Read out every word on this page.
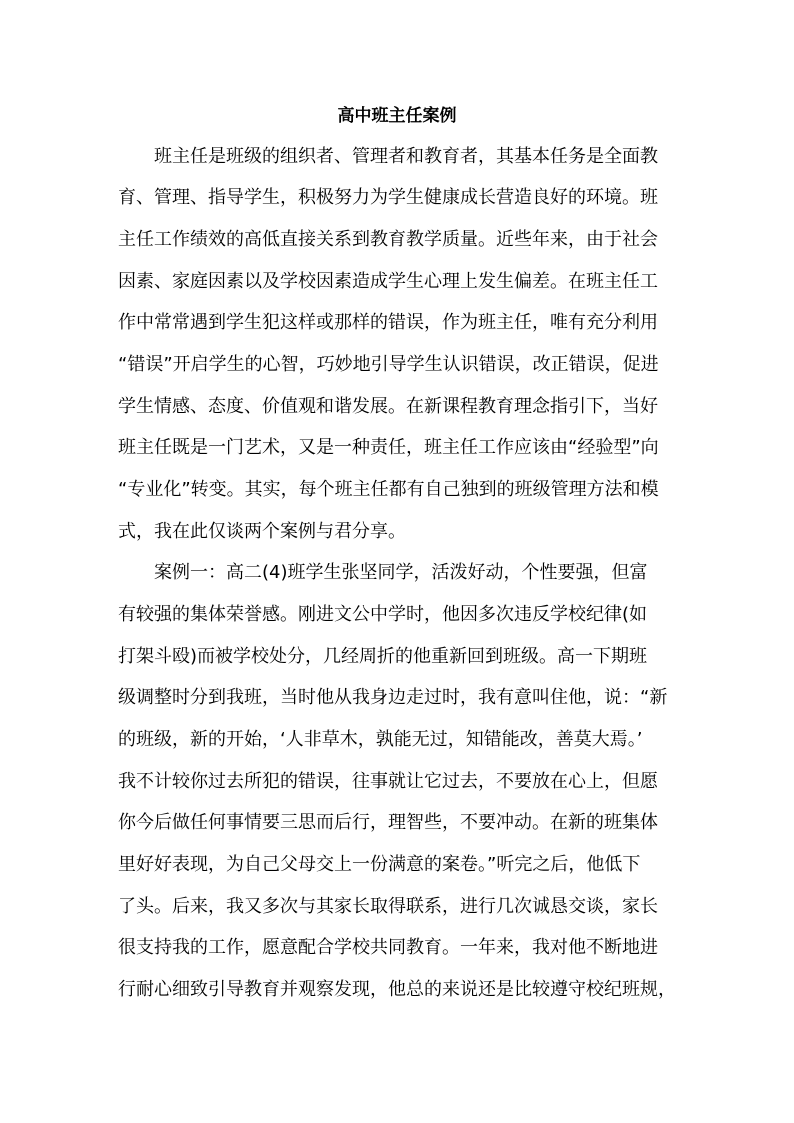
高中班主任案例

班主任是班级的组织者、管理者和教育者，其基本任务是全面教

育、管理、指导学生，积极努力为学生健康成长营造良好的环境。班

主任工作绩效的高低直接关系到教育教学质量。近些年来，由于社会

因素、家庭因素以及学校因素造成学生心理上发生偏差。在班主任工

作中常常遇到学生犯这样或那样的错误，作为班主任，唯有充分利用

“错误”开启学生的心智，巧妙地引导学生认识错误，改正错误，促进

学生情感、态度、价值观和谐发展。在新课程教育理念指引下，当好

班主任既是一门艺术，又是一种责任，班主任工作应该由“经验型”向

“专业化”转变。其实，每个班主任都有自己独到的班级管理方法和模

式，我在此仅谈两个案例与君分享。

案例一：高二(4)班学生张坚同学，活泼好动，个性要强，但富

有较强的集体荣誉感。刚进文公中学时，他因多次违反学校纪律(如

打架斗殴)而被学校处分，几经周折的他重新回到班级。高一下期班

级调整时分到我班，当时他从我身边走过时，我有意叫住他，说：“新

的班级，新的开始，‘人非草木，孰能无过，知错能改，善莫大焉。’

我不计较你过去所犯的错误，往事就让它过去，不要放在心上，但愿

你今后做任何事情要三思而后行，理智些，不要冲动。在新的班集体

里好好表现，为自己父母交上一份满意的案卷。”听完之后，他低下

了头。后来，我又多次与其家长取得联系，进行几次诚恳交谈，家长

很支持我的工作，愿意配合学校共同教育。一年来，我对他不断地进

行耐心细致引导教育并观察发现，他总的来说还是比较遵守校纪班规，
